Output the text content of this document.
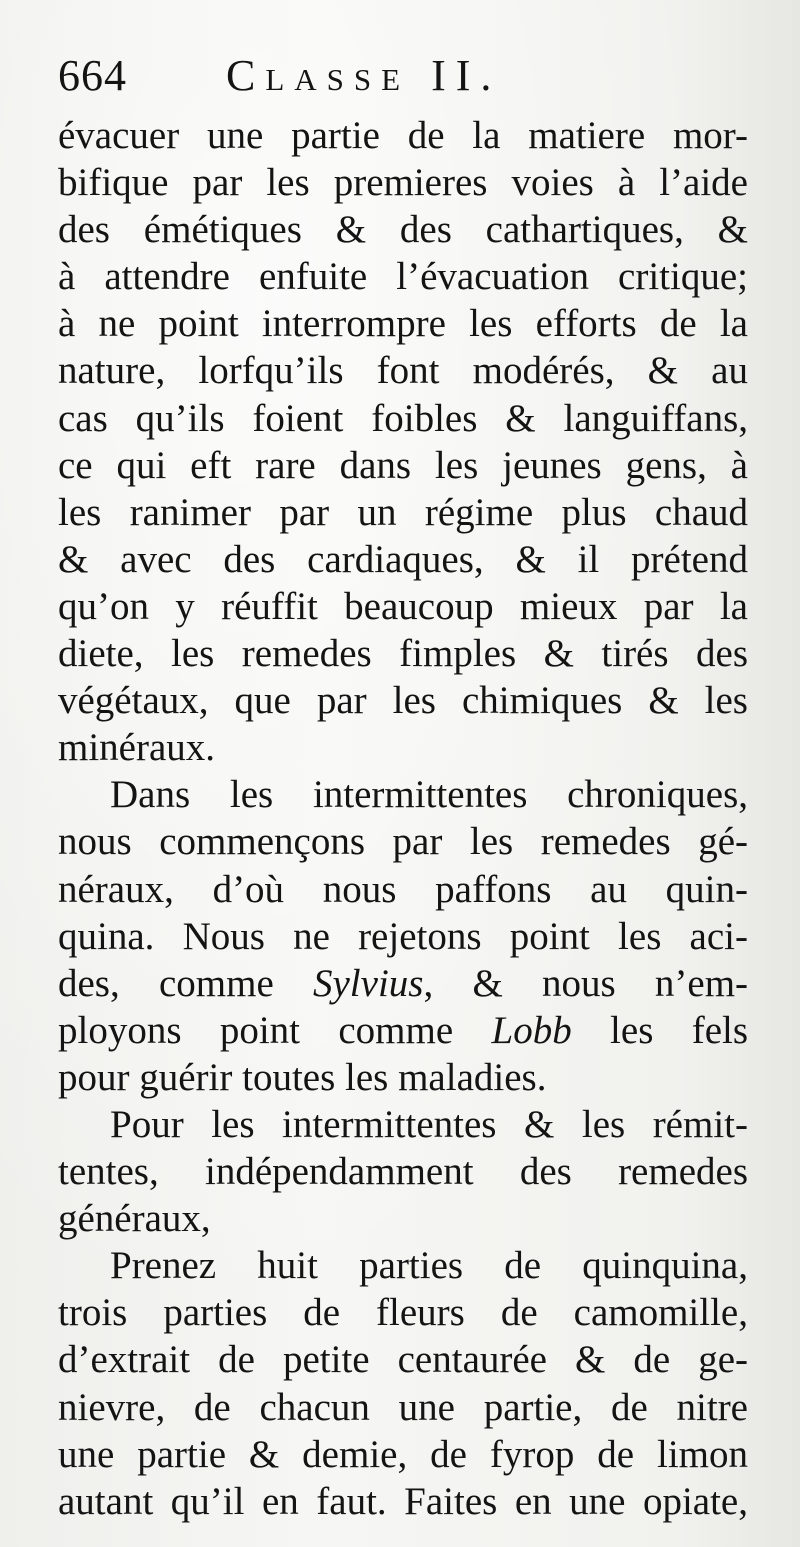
664 Classe II.
évacuer une partie de la matiere mor-
bifique par les premieres voies à l’aide
des émétiques & des cathartiques, &
à attendre enfuite l’évacuation critique;
à ne point interrompre les efforts de la
nature, lorfqu’ils font modérés, & au
cas qu’ils foient foibles & languiffans,
ce qui eft rare dans les jeunes gens, à
les ranimer par un régime plus chaud
& avec des cardiaques, & il prétend
qu’on y réuffit beaucoup mieux par la
diete, les remedes fimples & tirés des
végétaux, que par les chimiques & les
minéraux.
Dans les intermittentes chroniques,
nous commençons par les remedes gé-
néraux, d’où nous paffons au quin-
quina. Nous ne rejetons point les aci-
des, comme Sylvius, & nous n’em-
ployons point comme Lobb les fels
pour guérir toutes les maladies.
Pour les intermittentes & les rémit-
tentes, indépendamment des remedes
généraux,
Prenez huit parties de quinquina,
trois parties de fleurs de camomille,
d’extrait de petite centaurée & de ge-
nievre, de chacun une partie, de nitre
une partie & demie, de fyrop de limon
autant qu’il en faut. Faites en une opiate,
